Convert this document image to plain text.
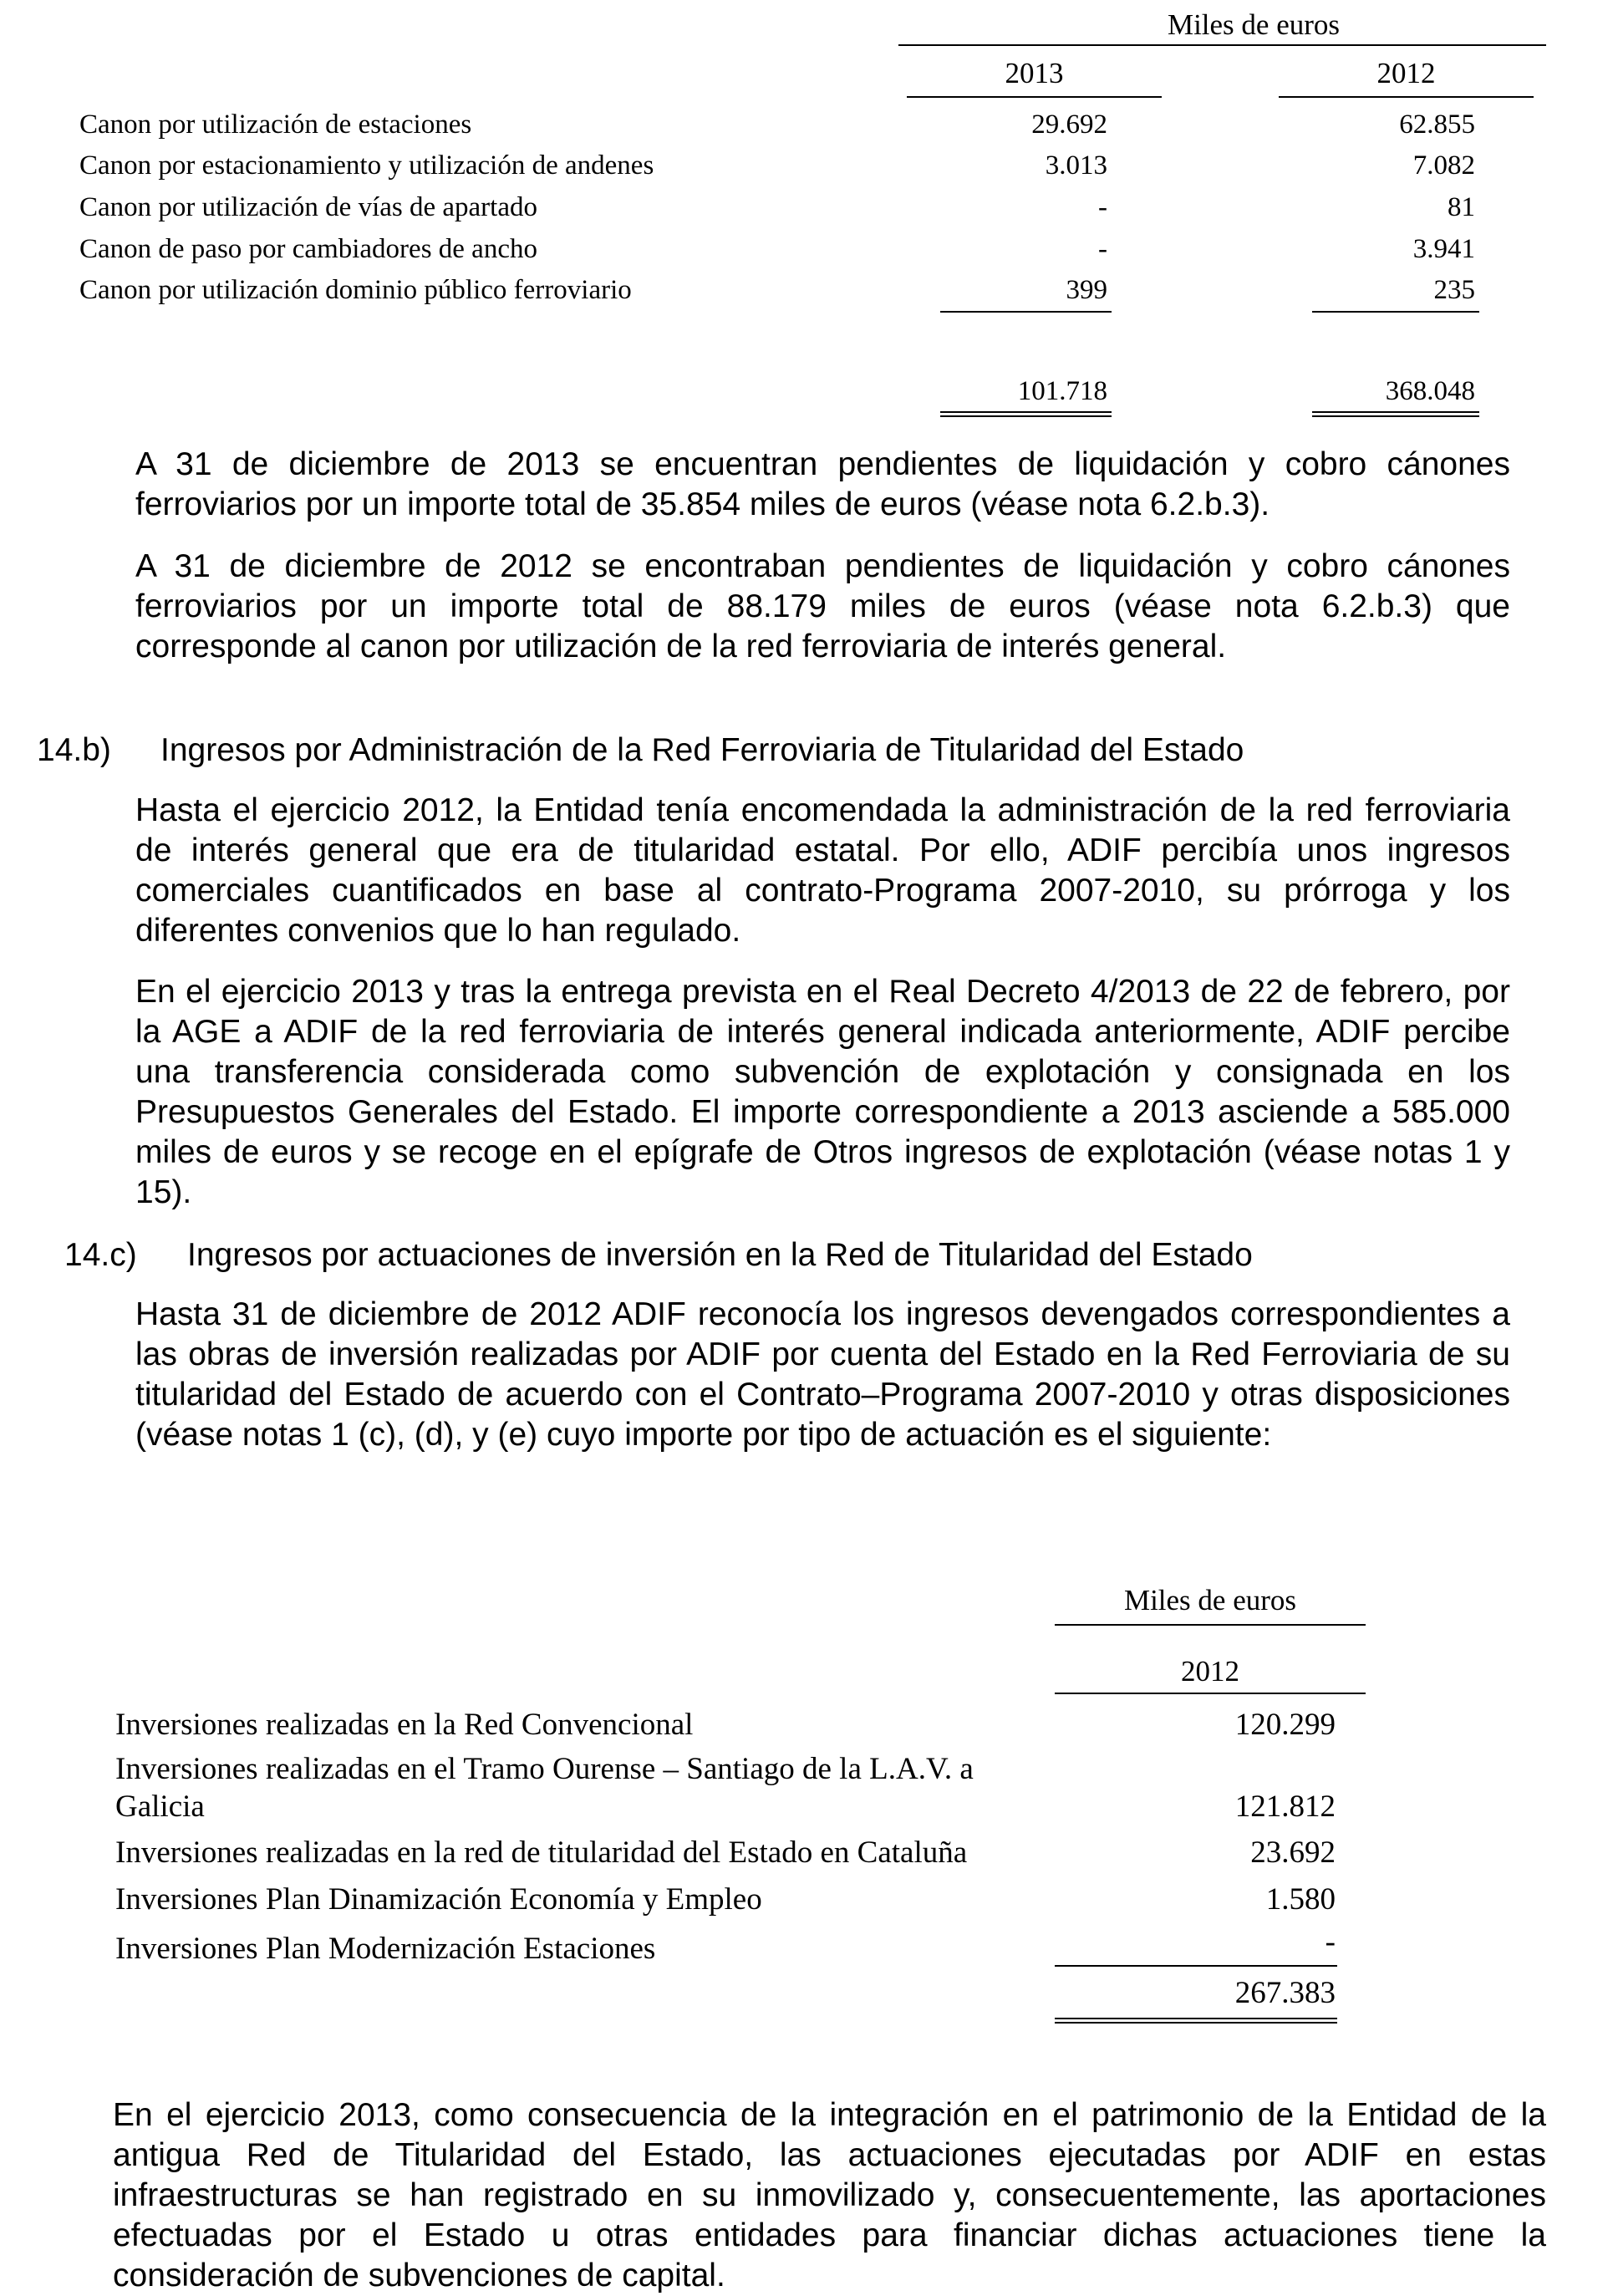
Miles de euros
2013	2012
Canon por utilización de estaciones	29.692	62.855
Canon por estacionamiento y utilización de andenes	3.013	7.082
Canon por utilización de vías de apartado	-	81
Canon de paso por cambiadores de ancho	-	3.941
Canon por utilización dominio público ferroviario	399	235
101.718	368.048

A 31 de diciembre de 2013 se encuentran pendientes de liquidación y cobro cánones ferroviarios por un importe total de 35.854 miles de euros (véase nota 6.2.b.3).

A 31 de diciembre de 2012 se encontraban pendientes de liquidación y cobro cánones ferroviarios por un importe total de 88.179 miles de euros (véase nota 6.2.b.3) que corresponde al canon por utilización de la red ferroviaria de interés general.

14.b) Ingresos por Administración de la Red Ferroviaria de Titularidad del Estado

Hasta el ejercicio 2012, la Entidad tenía encomendada la administración de la red ferroviaria de interés general que era de titularidad estatal. Por ello, ADIF percibía unos ingresos comerciales cuantificados en base al contrato-Programa 2007-2010, su prórroga y los diferentes convenios que lo han regulado.

En el ejercicio 2013 y tras la entrega prevista en el Real Decreto 4/2013 de 22 de febrero, por la AGE a ADIF de la red ferroviaria de interés general indicada anteriormente, ADIF percibe una transferencia considerada como subvención de explotación y consignada en los Presupuestos Generales del Estado. El importe correspondiente a 2013 asciende a 585.000 miles de euros y se recoge en el epígrafe de Otros ingresos de explotación (véase notas 1 y 15).

14.c) Ingresos por actuaciones de inversión en la Red de Titularidad del Estado

Hasta 31 de diciembre de 2012 ADIF reconocía los ingresos devengados correspondientes a las obras de inversión realizadas por ADIF por cuenta del Estado en la Red Ferroviaria de su titularidad del Estado de acuerdo con el Contrato–Programa 2007-2010 y otras disposiciones (véase notas 1 (c), (d), y (e) cuyo importe por tipo de actuación es el siguiente:

Miles de euros
2012
Inversiones realizadas en la Red Convencional	120.299
Inversiones realizadas en el Tramo Ourense – Santiago de la L.A.V. a
Galicia	121.812
Inversiones realizadas en la red de titularidad del Estado en Cataluña	23.692
Inversiones Plan Dinamización Economía y Empleo	1.580
Inversiones Plan Modernización Estaciones	-
267.383

En el ejercicio 2013, como consecuencia de la integración en el patrimonio de la Entidad de la antigua Red de Titularidad del Estado, las actuaciones ejecutadas por ADIF en estas infraestructuras se han registrado en su inmovilizado y, consecuentemente, las aportaciones efectuadas por el Estado u otras entidades para financiar dichas actuaciones tiene la consideración de subvenciones de capital.
